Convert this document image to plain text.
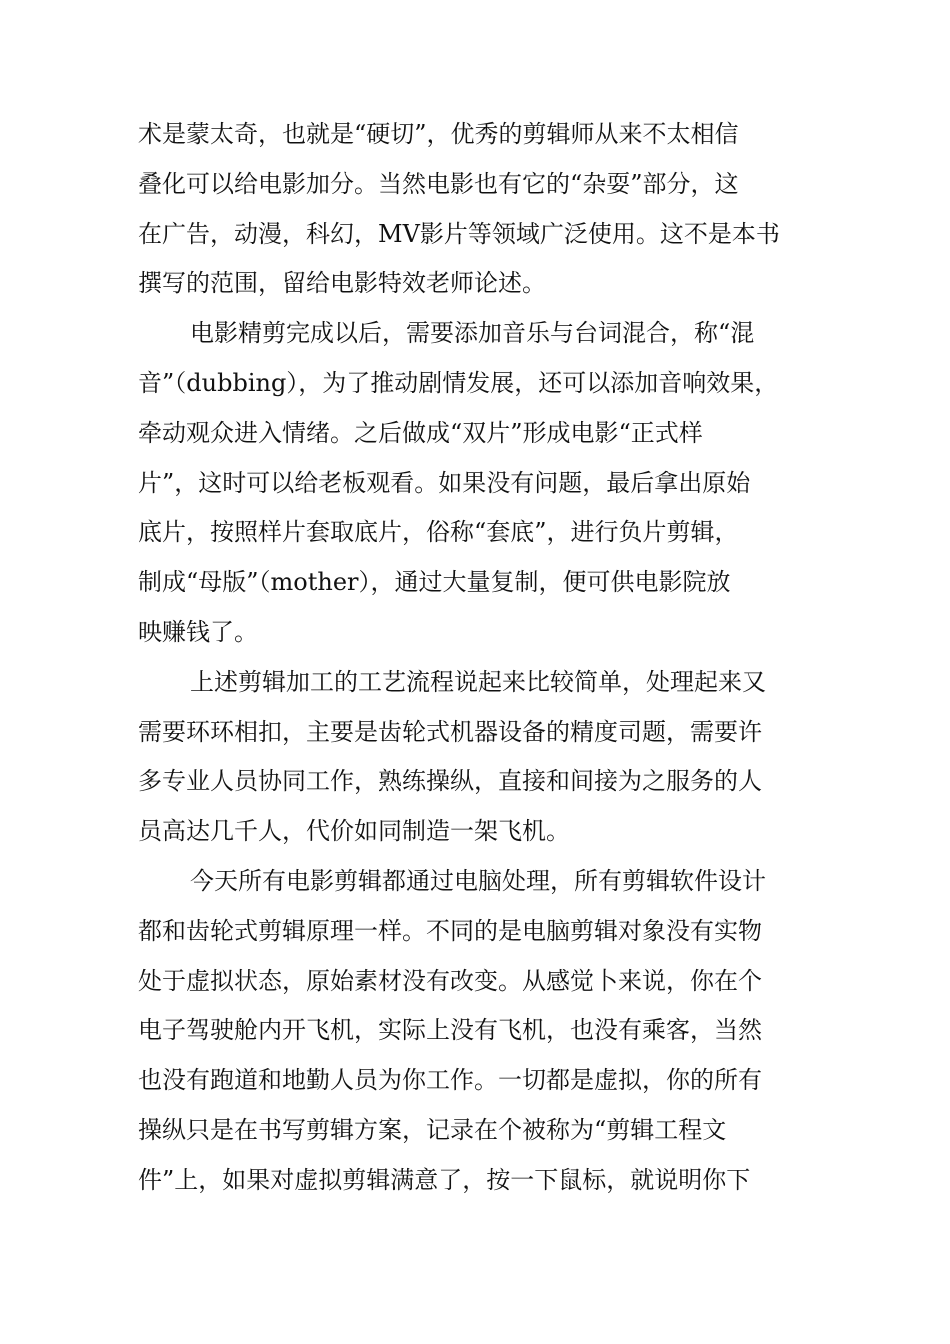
术是蒙太奇，也就是“硬切”，优秀的剪辑师从来不太相信
叠化可以给电影加分。当然电影也有它的“杂耍”部分，这
在广告，动漫，科幻，MV影片等领域广泛使用。这不是本书
撰写的范围，留给电影特效老师论述。
电影精剪完成以后，需要添加音乐与台词混合，称“混
音”（dubbing），为了推动剧情发展，还可以添加音响效果，
牵动观众进入情绪。之后做成“双片”形成电影“正式样
片”，这时可以给老板观看。如果没有问题，最后拿出原始
底片，按照样片套取底片，俗称“套底”，进行负片剪辑，
制成“母版”（mother），通过大量复制，便可供电影院放
映赚钱了。
上述剪辑加工的工艺流程说起来比较简单，处理起来又
需要环环相扣，主要是齿轮式机器设备的精度司题，需要许
多专业人员协同工作，熟练操纵，直接和间接为之服务的人
员高达几千人，代价如同制造一架飞机。
今天所有电影剪辑都通过电脑处理，所有剪辑软件设计
都和齿轮式剪辑原理一样。不同的是电脑剪辑对象没有实物
处于虚拟状态，原始素材没有改变。从感觉卜来说，你在个
电子驾驶舱内开飞机，实际上没有飞机，也没有乘客，当然
也没有跑道和地勤人员为你工作。一切都是虚拟，你的所有
操纵只是在书写剪辑方案，记录在个被称为“剪辑工程文
件”上，如果对虚拟剪辑满意了，按一下鼠标，就说明你下
